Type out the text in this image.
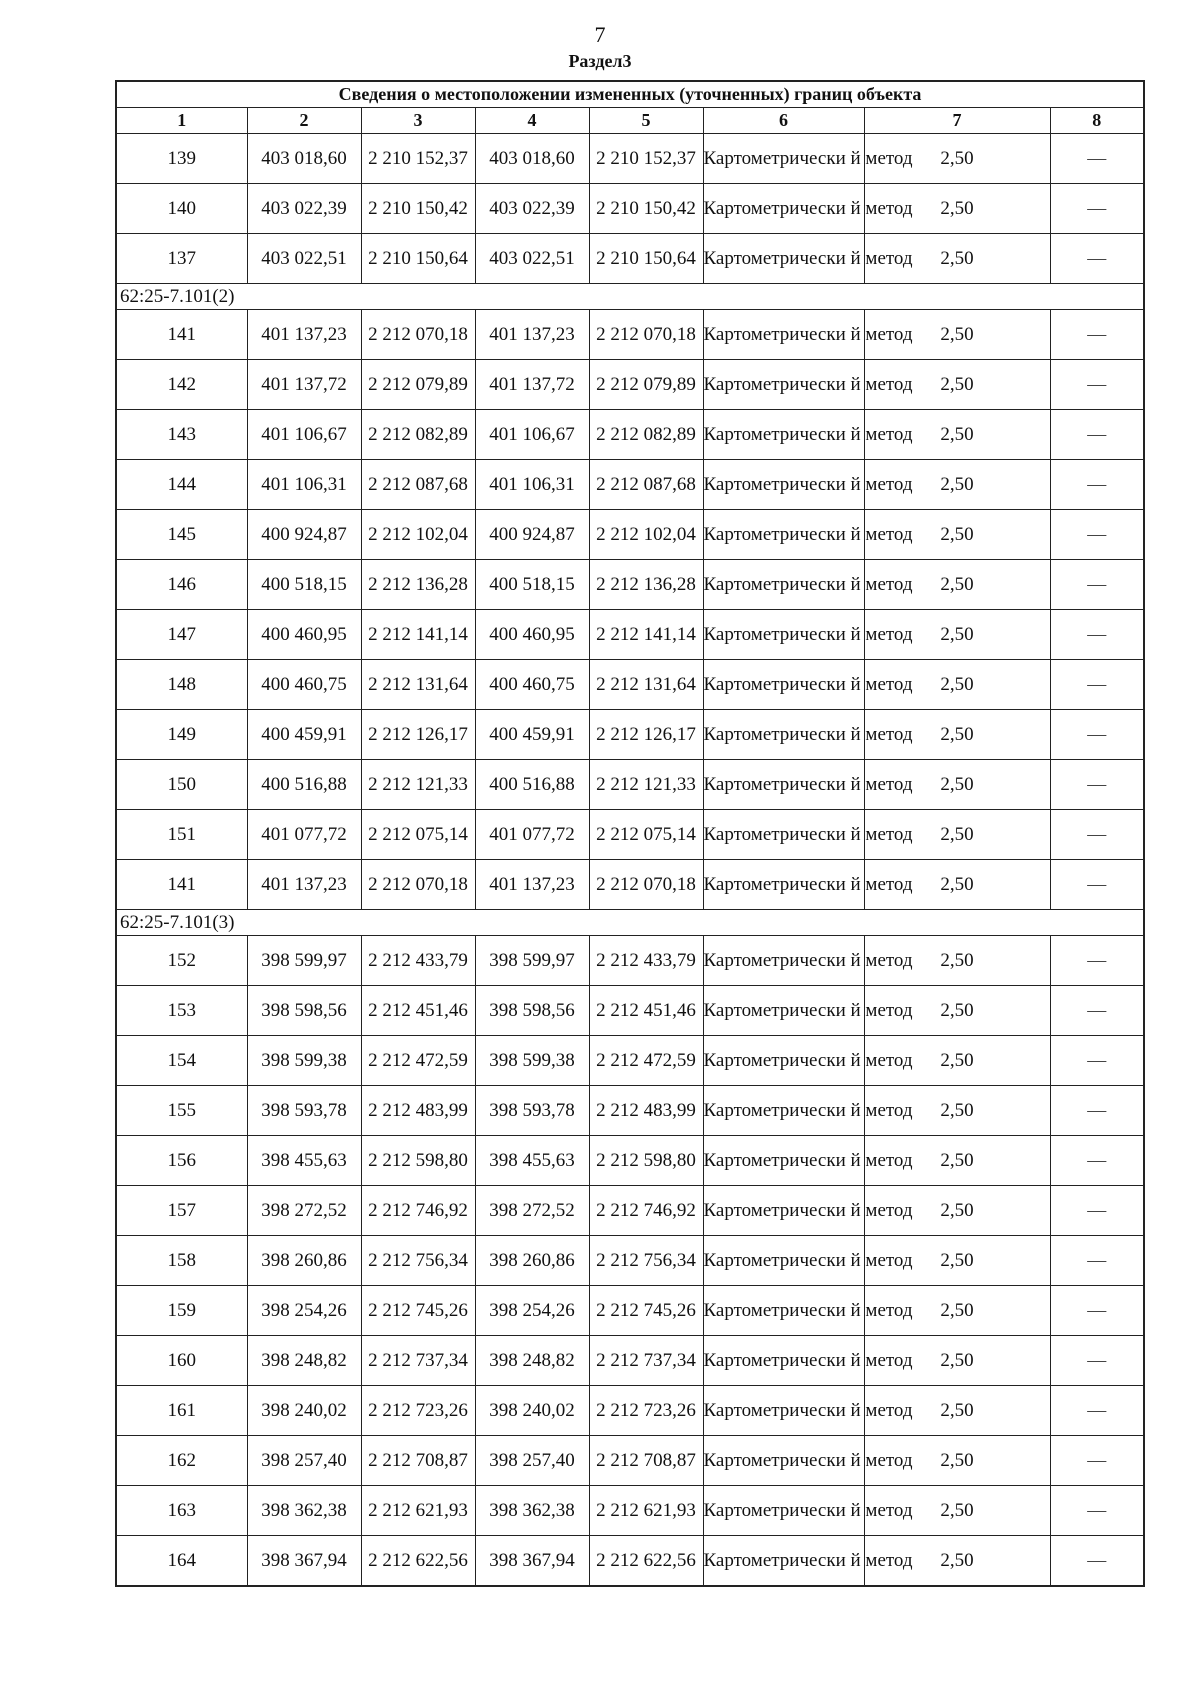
7
Раздел3
Сведения о местоположении измененных (уточненных) границ объекта							
1	2	3	4	5	6	7	8
139	403 018,60	2 210 152,37	403 018,60	2 210 152,37	Картометрически й метод	2,50	—
140	403 022,39	2 210 150,42	403 022,39	2 210 150,42	Картометрически й метод	2,50	—
137	403 022,51	2 210 150,64	403 022,51	2 210 150,64	Картометрически й метод	2,50	—
62:25-7.101(2)							
141	401 137,23	2 212 070,18	401 137,23	2 212 070,18	Картометрически й метод	2,50	—
142	401 137,72	2 212 079,89	401 137,72	2 212 079,89	Картометрически й метод	2,50	—
143	401 106,67	2 212 082,89	401 106,67	2 212 082,89	Картометрически й метод	2,50	—
144	401 106,31	2 212 087,68	401 106,31	2 212 087,68	Картометрически й метод	2,50	—
145	400 924,87	2 212 102,04	400 924,87	2 212 102,04	Картометрически й метод	2,50	—
146	400 518,15	2 212 136,28	400 518,15	2 212 136,28	Картометрически й метод	2,50	—
147	400 460,95	2 212 141,14	400 460,95	2 212 141,14	Картометрически й метод	2,50	—
148	400 460,75	2 212 131,64	400 460,75	2 212 131,64	Картометрически й метод	2,50	—
149	400 459,91	2 212 126,17	400 459,91	2 212 126,17	Картометрически й метод	2,50	—
150	400 516,88	2 212 121,33	400 516,88	2 212 121,33	Картометрически й метод	2,50	—
151	401 077,72	2 212 075,14	401 077,72	2 212 075,14	Картометрически й метод	2,50	—
141	401 137,23	2 212 070,18	401 137,23	2 212 070,18	Картометрически й метод	2,50	—
62:25-7.101(3)							
152	398 599,97	2 212 433,79	398 599,97	2 212 433,79	Картометрически й метод	2,50	—
153	398 598,56	2 212 451,46	398 598,56	2 212 451,46	Картометрически й метод	2,50	—
154	398 599,38	2 212 472,59	398 599,38	2 212 472,59	Картометрически й метод	2,50	—
155	398 593,78	2 212 483,99	398 593,78	2 212 483,99	Картометрически й метод	2,50	—
156	398 455,63	2 212 598,80	398 455,63	2 212 598,80	Картометрически й метод	2,50	—
157	398 272,52	2 212 746,92	398 272,52	2 212 746,92	Картометрически й метод	2,50	—
158	398 260,86	2 212 756,34	398 260,86	2 212 756,34	Картометрически й метод	2,50	—
159	398 254,26	2 212 745,26	398 254,26	2 212 745,26	Картометрически й метод	2,50	—
160	398 248,82	2 212 737,34	398 248,82	2 212 737,34	Картометрически й метод	2,50	—
161	398 240,02	2 212 723,26	398 240,02	2 212 723,26	Картометрически й метод	2,50	—
162	398 257,40	2 212 708,87	398 257,40	2 212 708,87	Картометрически й метод	2,50	—
163	398 362,38	2 212 621,93	398 362,38	2 212 621,93	Картометрически й метод	2,50	—
164	398 367,94	2 212 622,56	398 367,94	2 212 622,56	Картометрически й метод	2,50	—
